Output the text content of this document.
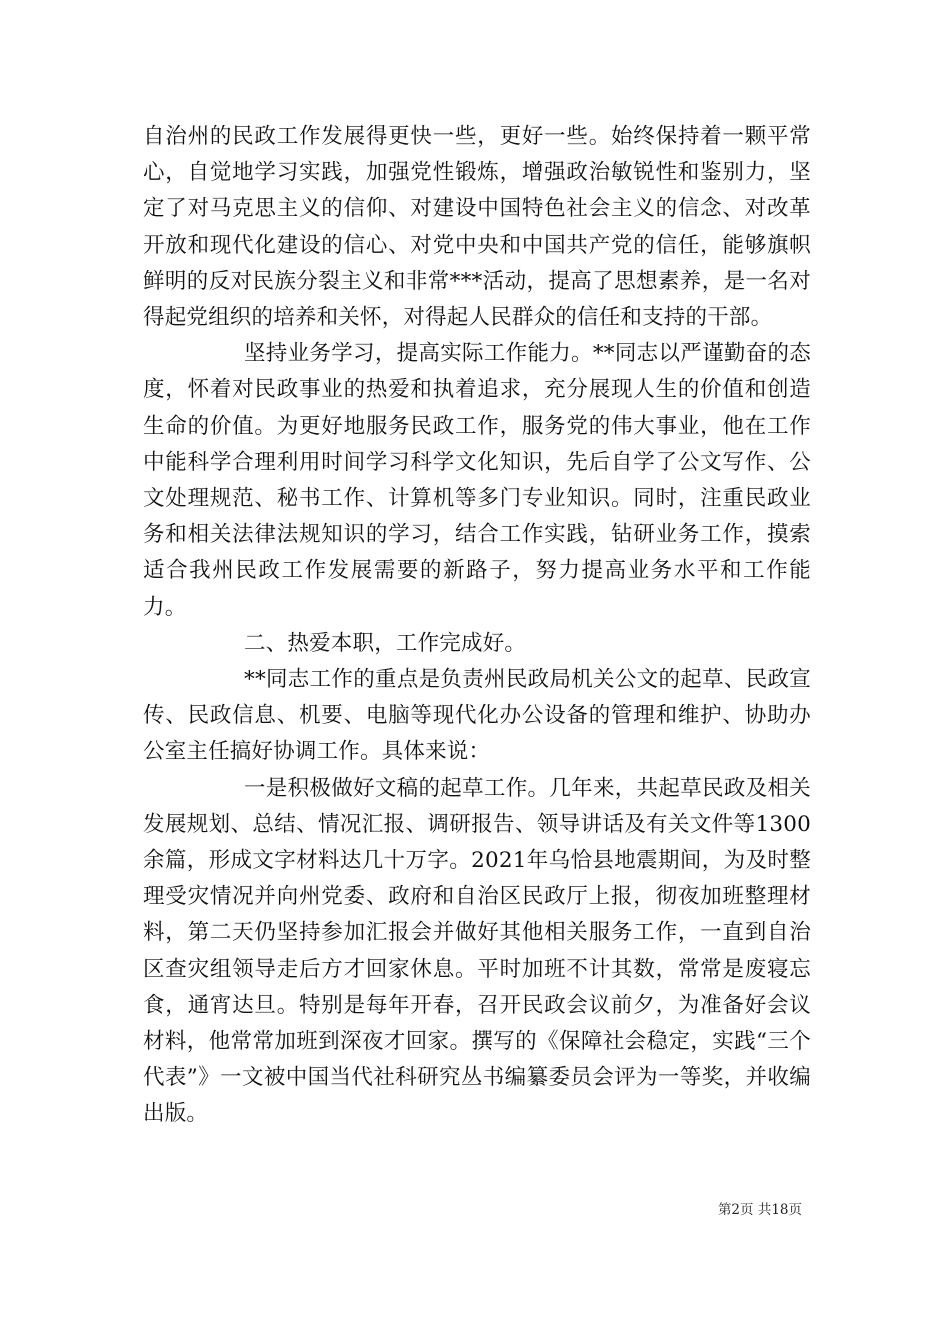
自治州的民政工作发展得更快一些，更好一些。始终保持着一颗平常心，自觉地学习实践，加强党性锻炼，增强政治敏锐性和鉴别力，坚定了对马克思主义的信仰、对建设中国特色社会主义的信念、对改革开放和现代化建设的信心、对党中央和中国共产党的信任，能够旗帜鲜明的反对民族分裂主义和非常***活动，提高了思想素养，是一名对得起党组织的培养和关怀，对得起人民群众的信任和支持的干部。

坚持业务学习，提高实际工作能力。**同志以严谨勤奋的态度，怀着对民政事业的热爱和执着追求，充分展现人生的价值和创造生命的价值。为更好地服务民政工作，服务党的伟大事业，他在工作中能科学合理利用时间学习科学文化知识，先后自学了公文写作、公文处理规范、秘书工作、计算机等多门专业知识。同时，注重民政业务和相关法律法规知识的学习，结合工作实践，钻研业务工作，摸索适合我州民政工作发展需要的新路子，努力提高业务水平和工作能力。

二、热爱本职，工作完成好。

**同志工作的重点是负责州民政局机关公文的起草、民政宣传、民政信息、机要、电脑等现代化办公设备的管理和维护、协助办公室主任搞好协调工作。具体来说：

一是积极做好文稿的起草工作。几年来，共起草民政及相关发展规划、总结、情况汇报、调研报告、领导讲话及有关文件等1300余篇，形成文字材料达几十万字。2021年乌恰县地震期间，为及时整理受灾情况并向州党委、政府和自治区民政厅上报，彻夜加班整理材料，第二天仍坚持参加汇报会并做好其他相关服务工作，一直到自治区查灾组领导走后方才回家休息。平时加班不计其数，常常是废寝忘食，通宵达旦。特别是每年开春，召开民政会议前夕，为准备好会议材料，他常常加班到深夜才回家。撰写的《保障社会稳定，实践“三个代表”》一文被中国当代社科研究丛书编纂委员会评为一等奖，并收编出版。

第2页 共18页
